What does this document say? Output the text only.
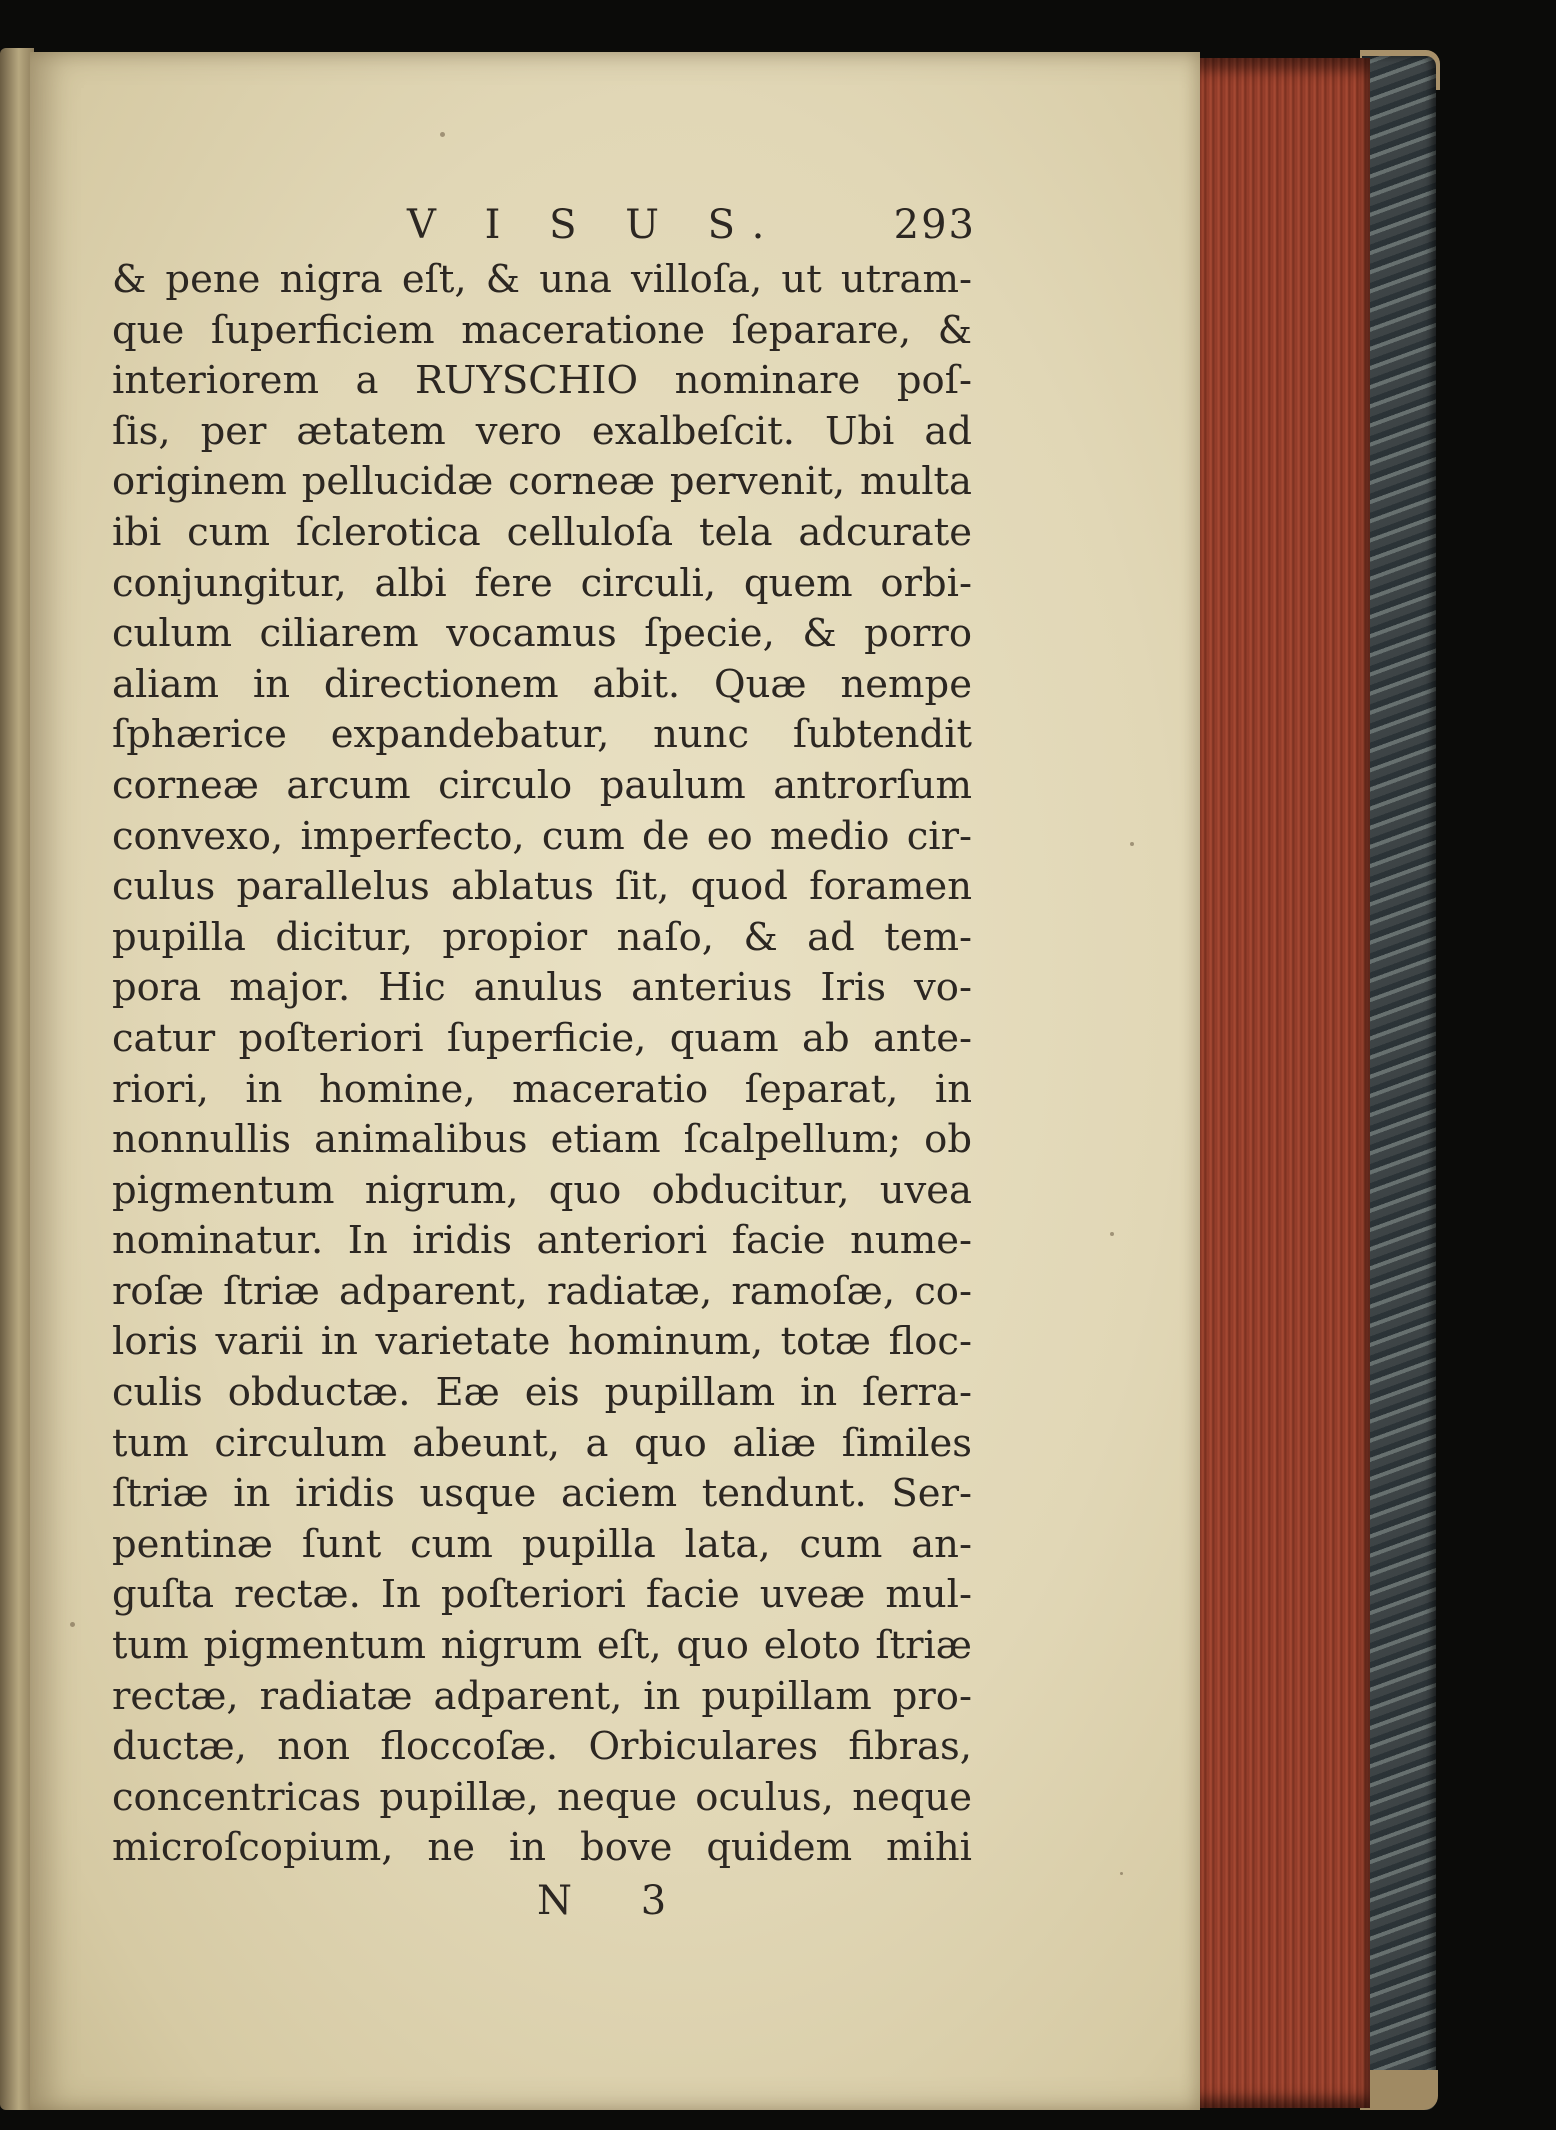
V I S U S.	293
& pene nigra eſt, & una villoſa, ut utram-
que ſuperficiem maceratione ſeparare, &
interiorem a RUYSCHIO nominare poſ-
ſis, per ætatem vero exalbeſcit. Ubi ad
originem pellucidæ corneæ pervenit, multa
ibi cum ſclerotica celluloſa tela adcurate
conjungitur, albi fere circuli, quem orbi-
culum ciliarem vocamus ſpecie, & porro
aliam in directionem abit. Quæ nempe
ſphærice expandebatur, nunc ſubtendit
corneæ arcum circulo paulum antrorſum
convexo, imperfecto, cum de eo medio cir-
culus parallelus ablatus ſit, quod foramen
pupilla dicitur, propior naſo, & ad tem-
pora major. Hic anulus anterius Iris vo-
catur poſteriori ſuperficie, quam ab ante-
riori, in homine, maceratio ſeparat, in
nonnullis animalibus etiam ſcalpellum; ob
pigmentum nigrum, quo obducitur, uvea
nominatur. In iridis anteriori facie nume-
roſæ ſtriæ adparent, radiatæ, ramoſæ, co-
loris varii in varietate hominum, totæ floc-
culis obductæ. Eæ eis pupillam in ſerra-
tum circulum abeunt, a quo aliæ ſimiles
ſtriæ in iridis usque aciem tendunt. Ser-
pentinæ ſunt cum pupilla lata, cum an-
guſta rectæ. In poſteriori facie uveæ mul-
tum pigmentum nigrum eſt, quo eloto ſtriæ
rectæ, radiatæ adparent, in pupillam pro-
ductæ, non floccoſæ. Orbiculares fibras,
concentricas pupillæ, neque oculus, neque
microſcopium, ne in bove quidem mihi
N 3
